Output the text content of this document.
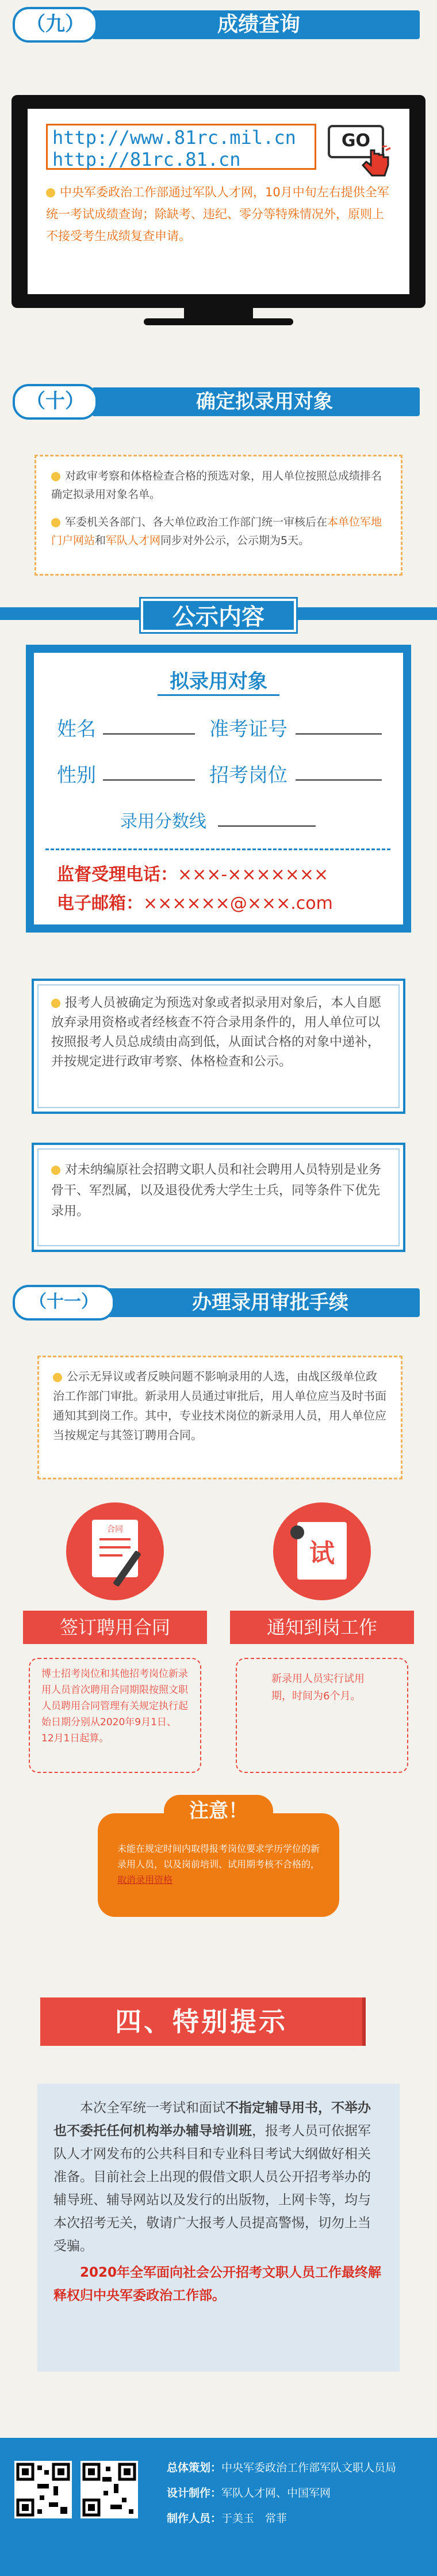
（九）	成绩查询
http://www.81rc.mil.cn
http://81rc.81.cn
GO
中央军委政治工作部通过军队人才网，10月中旬左右提供全军统一考试成绩查询；除缺考、违纪、零分等特殊情况外，原则上不接受考生成绩复查申请。
（十）	确定拟录用对象
对政审考察和体格检查合格的预选对象，用人单位按照总成绩排名确定拟录用对象名单。
军委机关各部门、各大单位政治工作部门统一审核后在本单位军地门户网站和军队人才网同步对外公示，公示期为5天。
公示内容
拟录用对象
姓名	准考证号
性别	招考岗位
录用分数线
监督受理电话：×××-×××××××
电子邮箱：××××××@×××.com
报考人员被确定为预选对象或者拟录用对象后，本人自愿放弃录用资格或者经核查不符合录用条件的，用人单位可以按照报考人员总成绩由高到低，从面试合格的对象中递补，并按规定进行政审考察、体格检查和公示。
对未纳编原社会招聘文职人员和社会聘用人员特别是业务骨干、军烈属，以及退役优秀大学生士兵，同等条件下优先录用。
（十一）	办理录用审批手续
公示无异议或者反映问题不影响录用的人选，由战区级单位政治工作部门审批。新录用人员通过审批后，用人单位应当及时书面通知其到岗工作。其中，专业技术岗位的新录用人员，用人单位应当按规定与其签订聘用合同。
合同
签订聘用合同
博士招考岗位和其他招考岗位新录用人员首次聘用合同期限按照文职人员聘用合同管理有关规定执行起始日期分别从2020年9月1日、12月1日起算。
试
通知到岗工作
新录用人员实行试用期，时间为6个月。
注意！
未能在规定时间内取得报考岗位要求学历学位的新录用人员，以及岗前培训、试用期考核不合格的，取消录用资格
四、特别提示
本次全军统一考试和面试不指定辅导用书，不举办也不委托任何机构举办辅导培训班，报考人员可依据军队人才网发布的公共科目和专业科目考试大纲做好相关准备。目前社会上出现的假借文职人员公开招考举办的辅导班、辅导网站以及发行的出版物，上网卡等，均与本次招考无关，敬请广大报考人员提高警惕，切勿上当受骗。
2020年全军面向社会公开招考文职人员工作最终解释权归中央军委政治工作部。
总体策划：中央军委政治工作部军队文职人员局
设计制作：军队人才网、中国军网
制作人员：于美玉　常菲
